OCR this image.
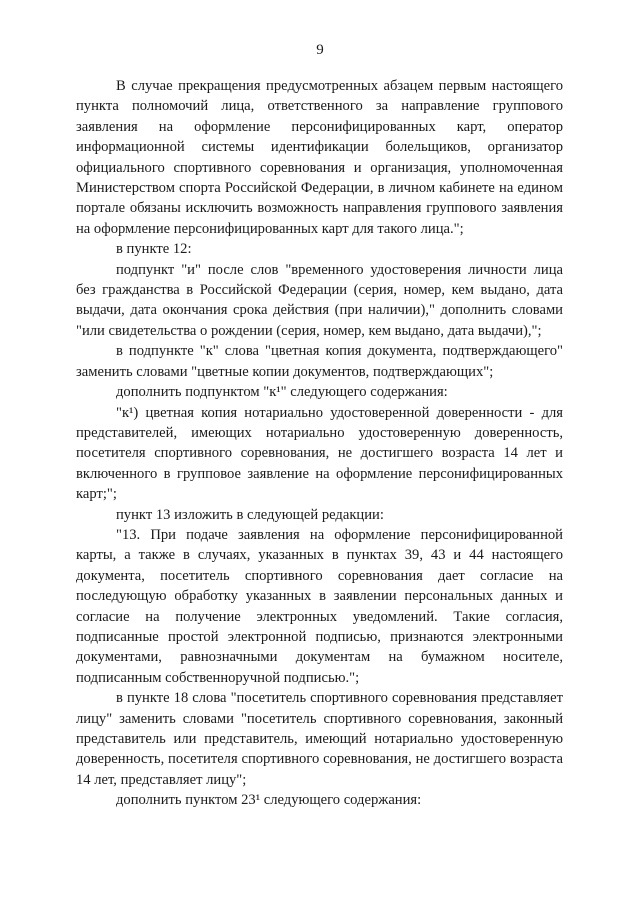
9

В случае прекращения предусмотренных абзацем первым настоящего пункта полномочий лица, ответственного за направление группового заявления на оформление персонифицированных карт, оператор информационной системы идентификации болельщиков, организатор официального спортивного соревнования и организация, уполномоченная Министерством спорта Российской Федерации, в личном кабинете на едином портале обязаны исключить возможность направления группового заявления на оформление персонифицированных карт для такого лица.";

в пункте 12:

подпункт "и" после слов "временного удостоверения личности лица без гражданства в Российской Федерации (серия, номер, кем выдано, дата выдачи, дата окончания срока действия (при наличии)," дополнить словами "или свидетельства о рождении (серия, номер, кем выдано, дата выдачи),";

в подпункте "к" слова "цветная копия документа, подтверждающего" заменить словами "цветные копии документов, подтверждающих";

дополнить подпунктом "к¹" следующего содержания:

"к¹) цветная копия нотариально удостоверенной доверенности - для представителей, имеющих нотариально удостоверенную доверенность, посетителя спортивного соревнования, не достигшего возраста 14 лет и включенного в групповое заявление на оформление персонифицированных карт;";

пункт 13 изложить в следующей редакции:

"13. При подаче заявления на оформление персонифицированной карты, а также в случаях, указанных в пунктах 39, 43 и 44 настоящего документа, посетитель спортивного соревнования дает согласие на последующую обработку указанных в заявлении персональных данных и согласие на получение электронных уведомлений. Такие согласия, подписанные простой электронной подписью, признаются электронными документами, равнозначными документам на бумажном носителе, подписанным собственноручной подписью.";

в пункте 18 слова "посетитель спортивного соревнования представляет лицу" заменить словами "посетитель спортивного соревнования, законный представитель или представитель, имеющий нотариально удостоверенную доверенность, посетителя спортивного соревнования, не достигшего возраста 14 лет, представляет лицу";

дополнить пунктом 23¹ следующего содержания:
